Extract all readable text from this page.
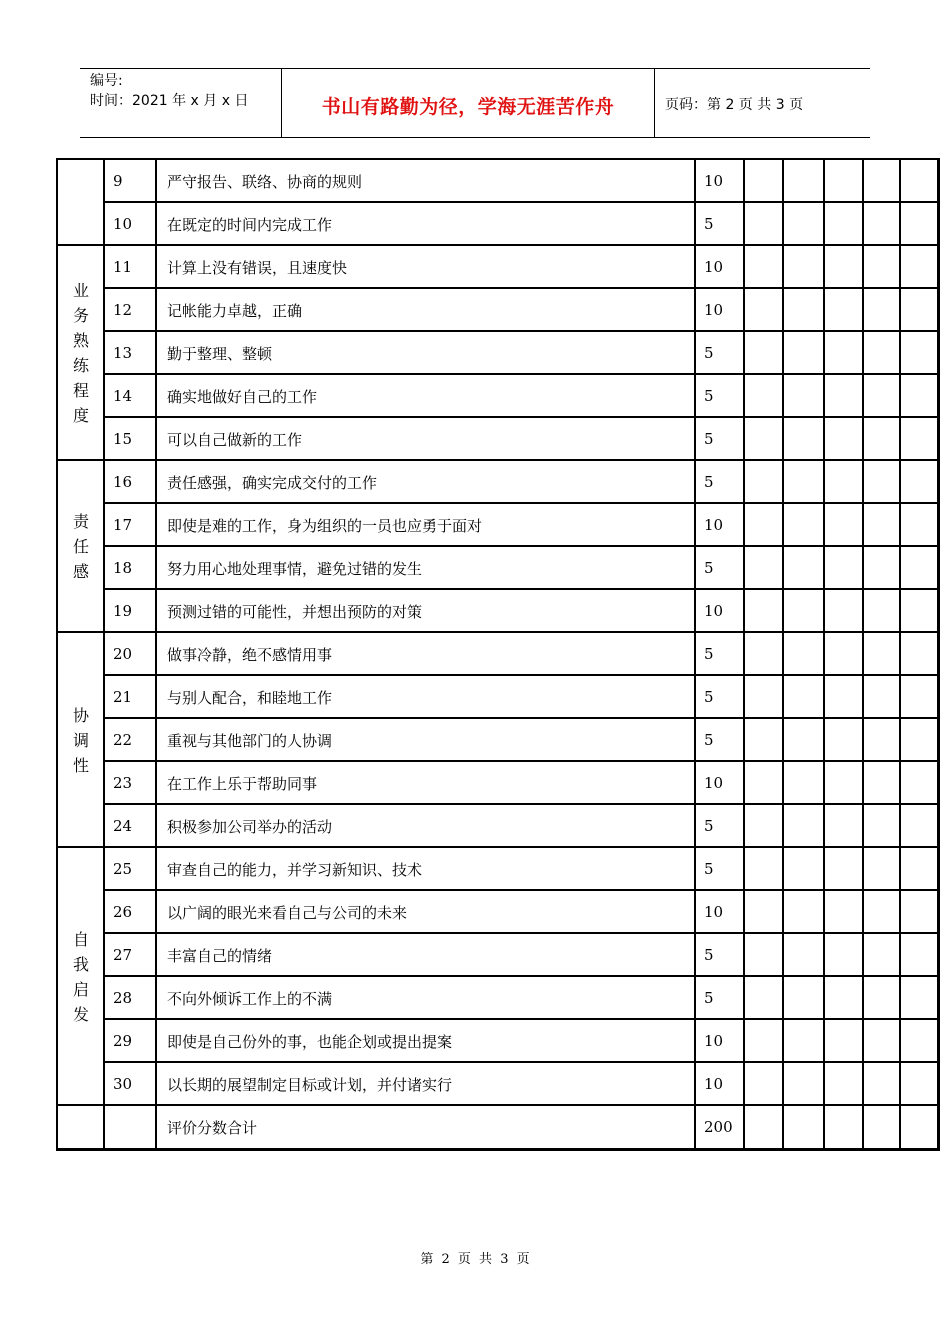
编号:
时间：2021 年 x 月 x 日	书山有路勤为径，学海无涯苦作舟	页码：第 2 页 共 3 页
	9	严守报告、联络、协商的规则	10					
	10	在既定的时间内完成工作	5					
业务熟练程度	11	计算上没有错误，且速度快	10					
	12	记帐能力卓越，正确	10					
	13	勤于整理、整顿	5					
	14	确实地做好自己的工作	5					
	15	可以自己做新的工作	5					
责任感	16	责任感强，确实完成交付的工作	5					
	17	即使是难的工作，身为组织的一员也应勇于面对	10					
	18	努力用心地处理事情，避免过错的发生	5					
	19	预测过错的可能性，并想出预防的对策	10					
协调性	20	做事冷静，绝不感情用事	5					
	21	与别人配合，和睦地工作	5					
	22	重视与其他部门的人协调	5					
	23	在工作上乐于帮助同事	10					
	24	积极参加公司举办的活动	5					
自我启发	25	审查自己的能力，并学习新知识、技术	5					
	26	以广阔的眼光来看自己与公司的未来	10					
	27	丰富自己的情绪	5					
	28	不向外倾诉工作上的不满	5					
	29	即使是自己份外的事，也能企划或提出提案	10					
	30	以长期的展望制定目标或计划，并付诸实行	10					
		评价分数合计	200					
第 2 页 共 3 页
